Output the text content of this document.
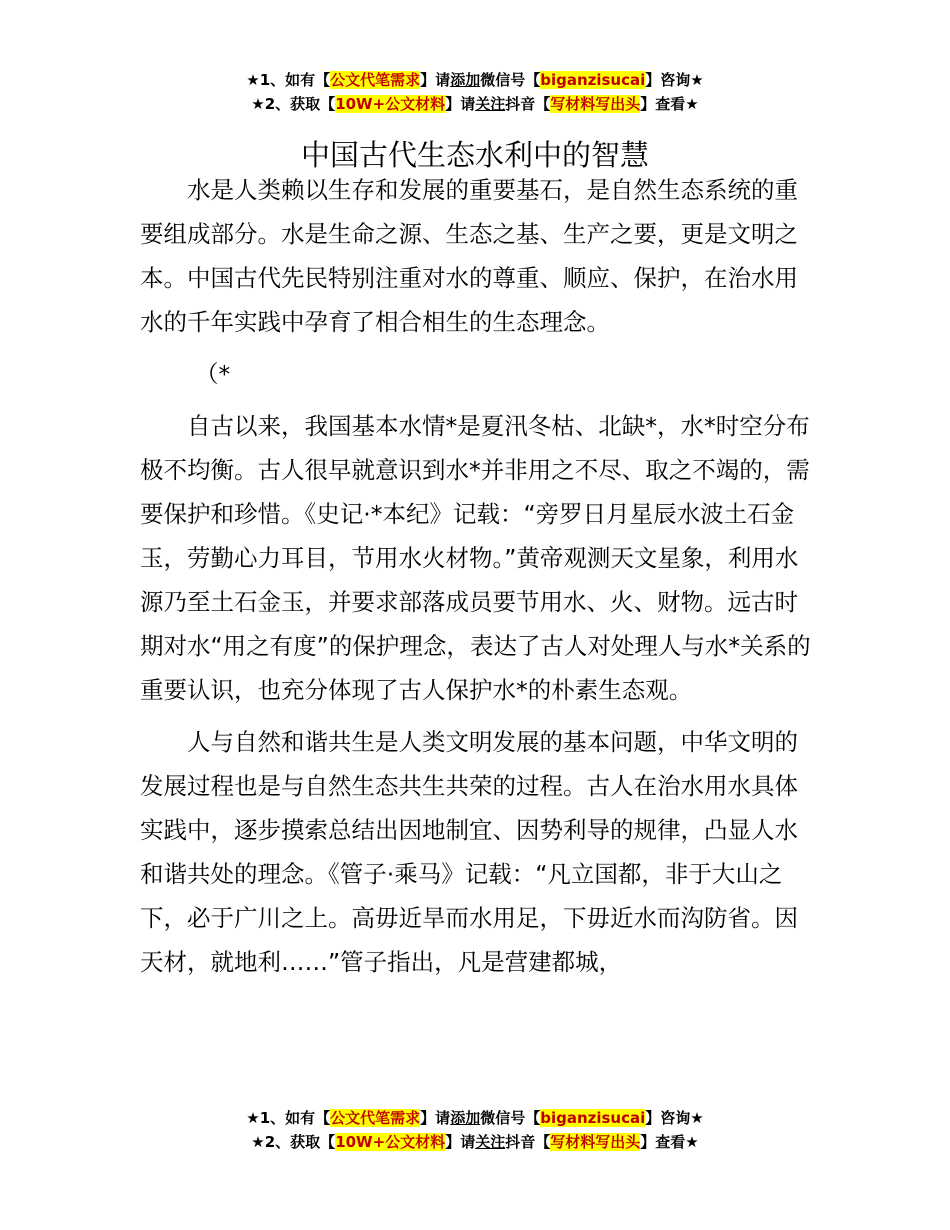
★1、如有【公文代笔需求】请添加微信号【biganzisucai】咨询★
★2、获取【10W+公文材料】请关注抖音【写材料写出头】查看★
中国古代生态水利中的智慧

水是人类赖以生存和发展的重要基石，是自然生态系统的重要组成部分。水是生命之源、生态之基、生产之要，更是文明之本。中国古代先民特别注重对水的尊重、顺应、保护，在治水用水的千年实践中孕育了相合相生的生态理念。

（*

自古以来，我国基本水情*是夏汛冬枯、北缺*，水*时空分布极不均衡。古人很早就意识到水*并非用之不尽、取之不竭的，需要保护和珍惜。《史记·*本纪》记载：“旁罗日月星辰水波土石金玉，劳勤心力耳目，节用水火材物。”黄帝观测天文星象，利用水源乃至土石金玉，并要求部落成员要节用水、火、财物。远古时期对水“用之有度”的保护理念，表达了古人对处理人与水*关系的重要认识，也充分体现了古人保护水*的朴素生态观。

人与自然和谐共生是人类文明发展的基本问题，中华文明的发展过程也是与自然生态共生共荣的过程。古人在治水用水具体实践中，逐步摸索总结出因地制宜、因势利导的规律，凸显人水和谐共处的理念。《管子·乘马》记载：“凡立国都，非于大山之下，必于广川之上。高毋近旱而水用足，下毋近水而沟防省。因天材，就地利……”管子指出，凡是营建都城，

★1、如有【公文代笔需求】请添加微信号【biganzisucai】咨询★
★2、获取【10W+公文材料】请关注抖音【写材料写出头】查看★
